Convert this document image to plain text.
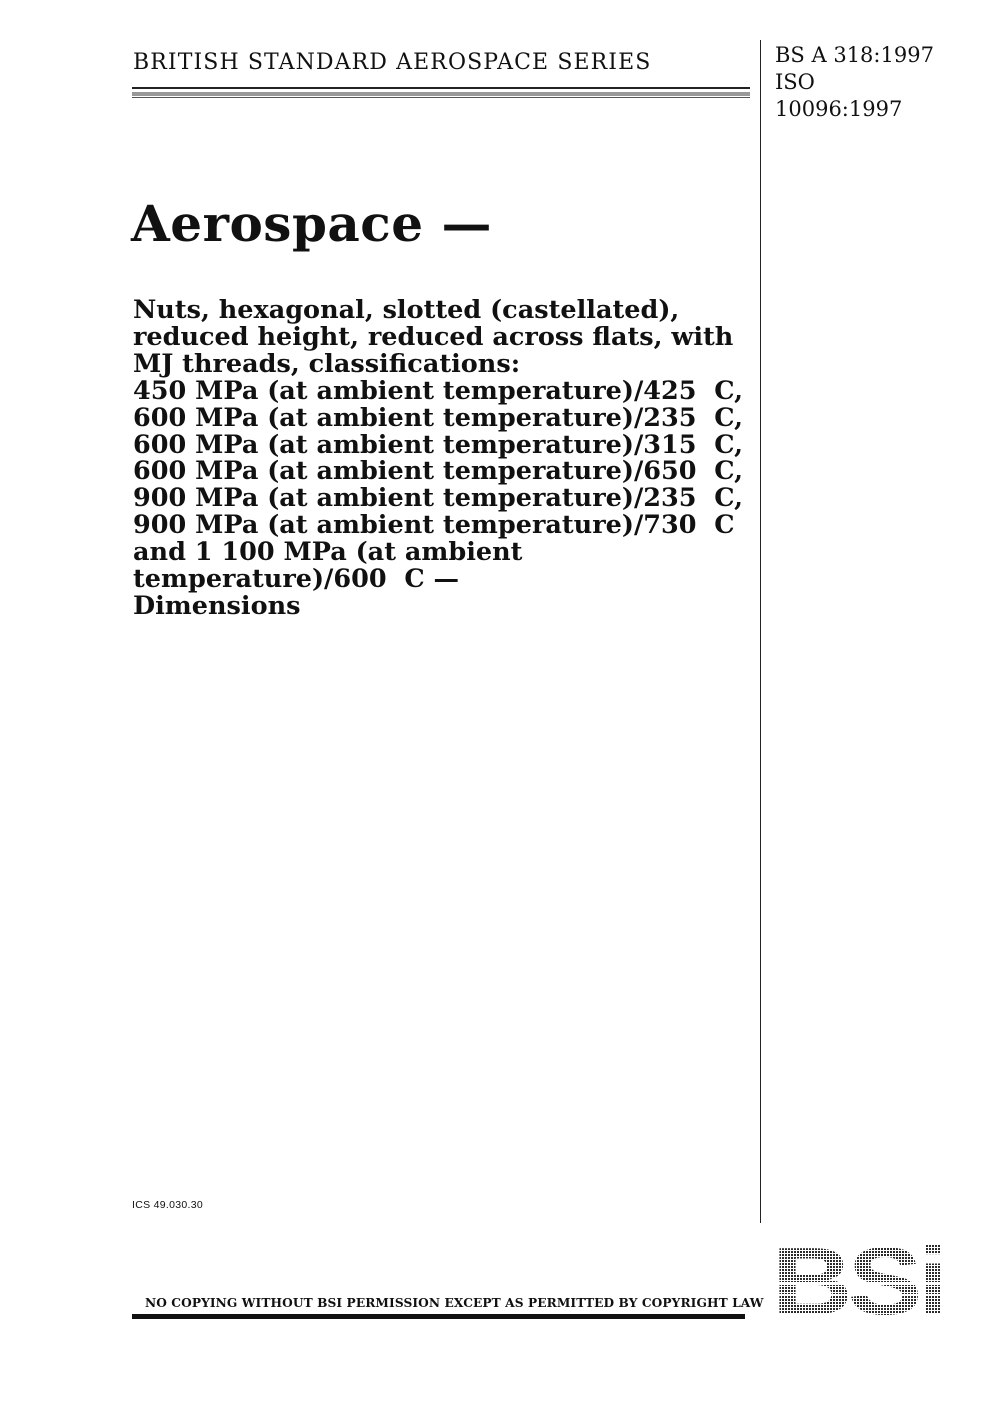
BRITISH STANDARD AEROSPACE SERIES	BS A 318:1997
ISO
10096:1997
Aerospace —
Nuts, hexagonal, slotted (castellated),
reduced height, reduced across flats, with
MJ threads, classifications:
450 MPa (at ambient temperature)/425  C,
600 MPa (at ambient temperature)/235  C,
600 MPa (at ambient temperature)/315  C,
600 MPa (at ambient temperature)/650  C,
900 MPa (at ambient temperature)/235  C,
900 MPa (at ambient temperature)/730  C
and 1 100 MPa (at ambient
temperature)/600  C —
Dimensions
ICS 49.030.30
NO COPYING WITHOUT BSI PERMISSION EXCEPT AS PERMITTED BY COPYRIGHT LAW
